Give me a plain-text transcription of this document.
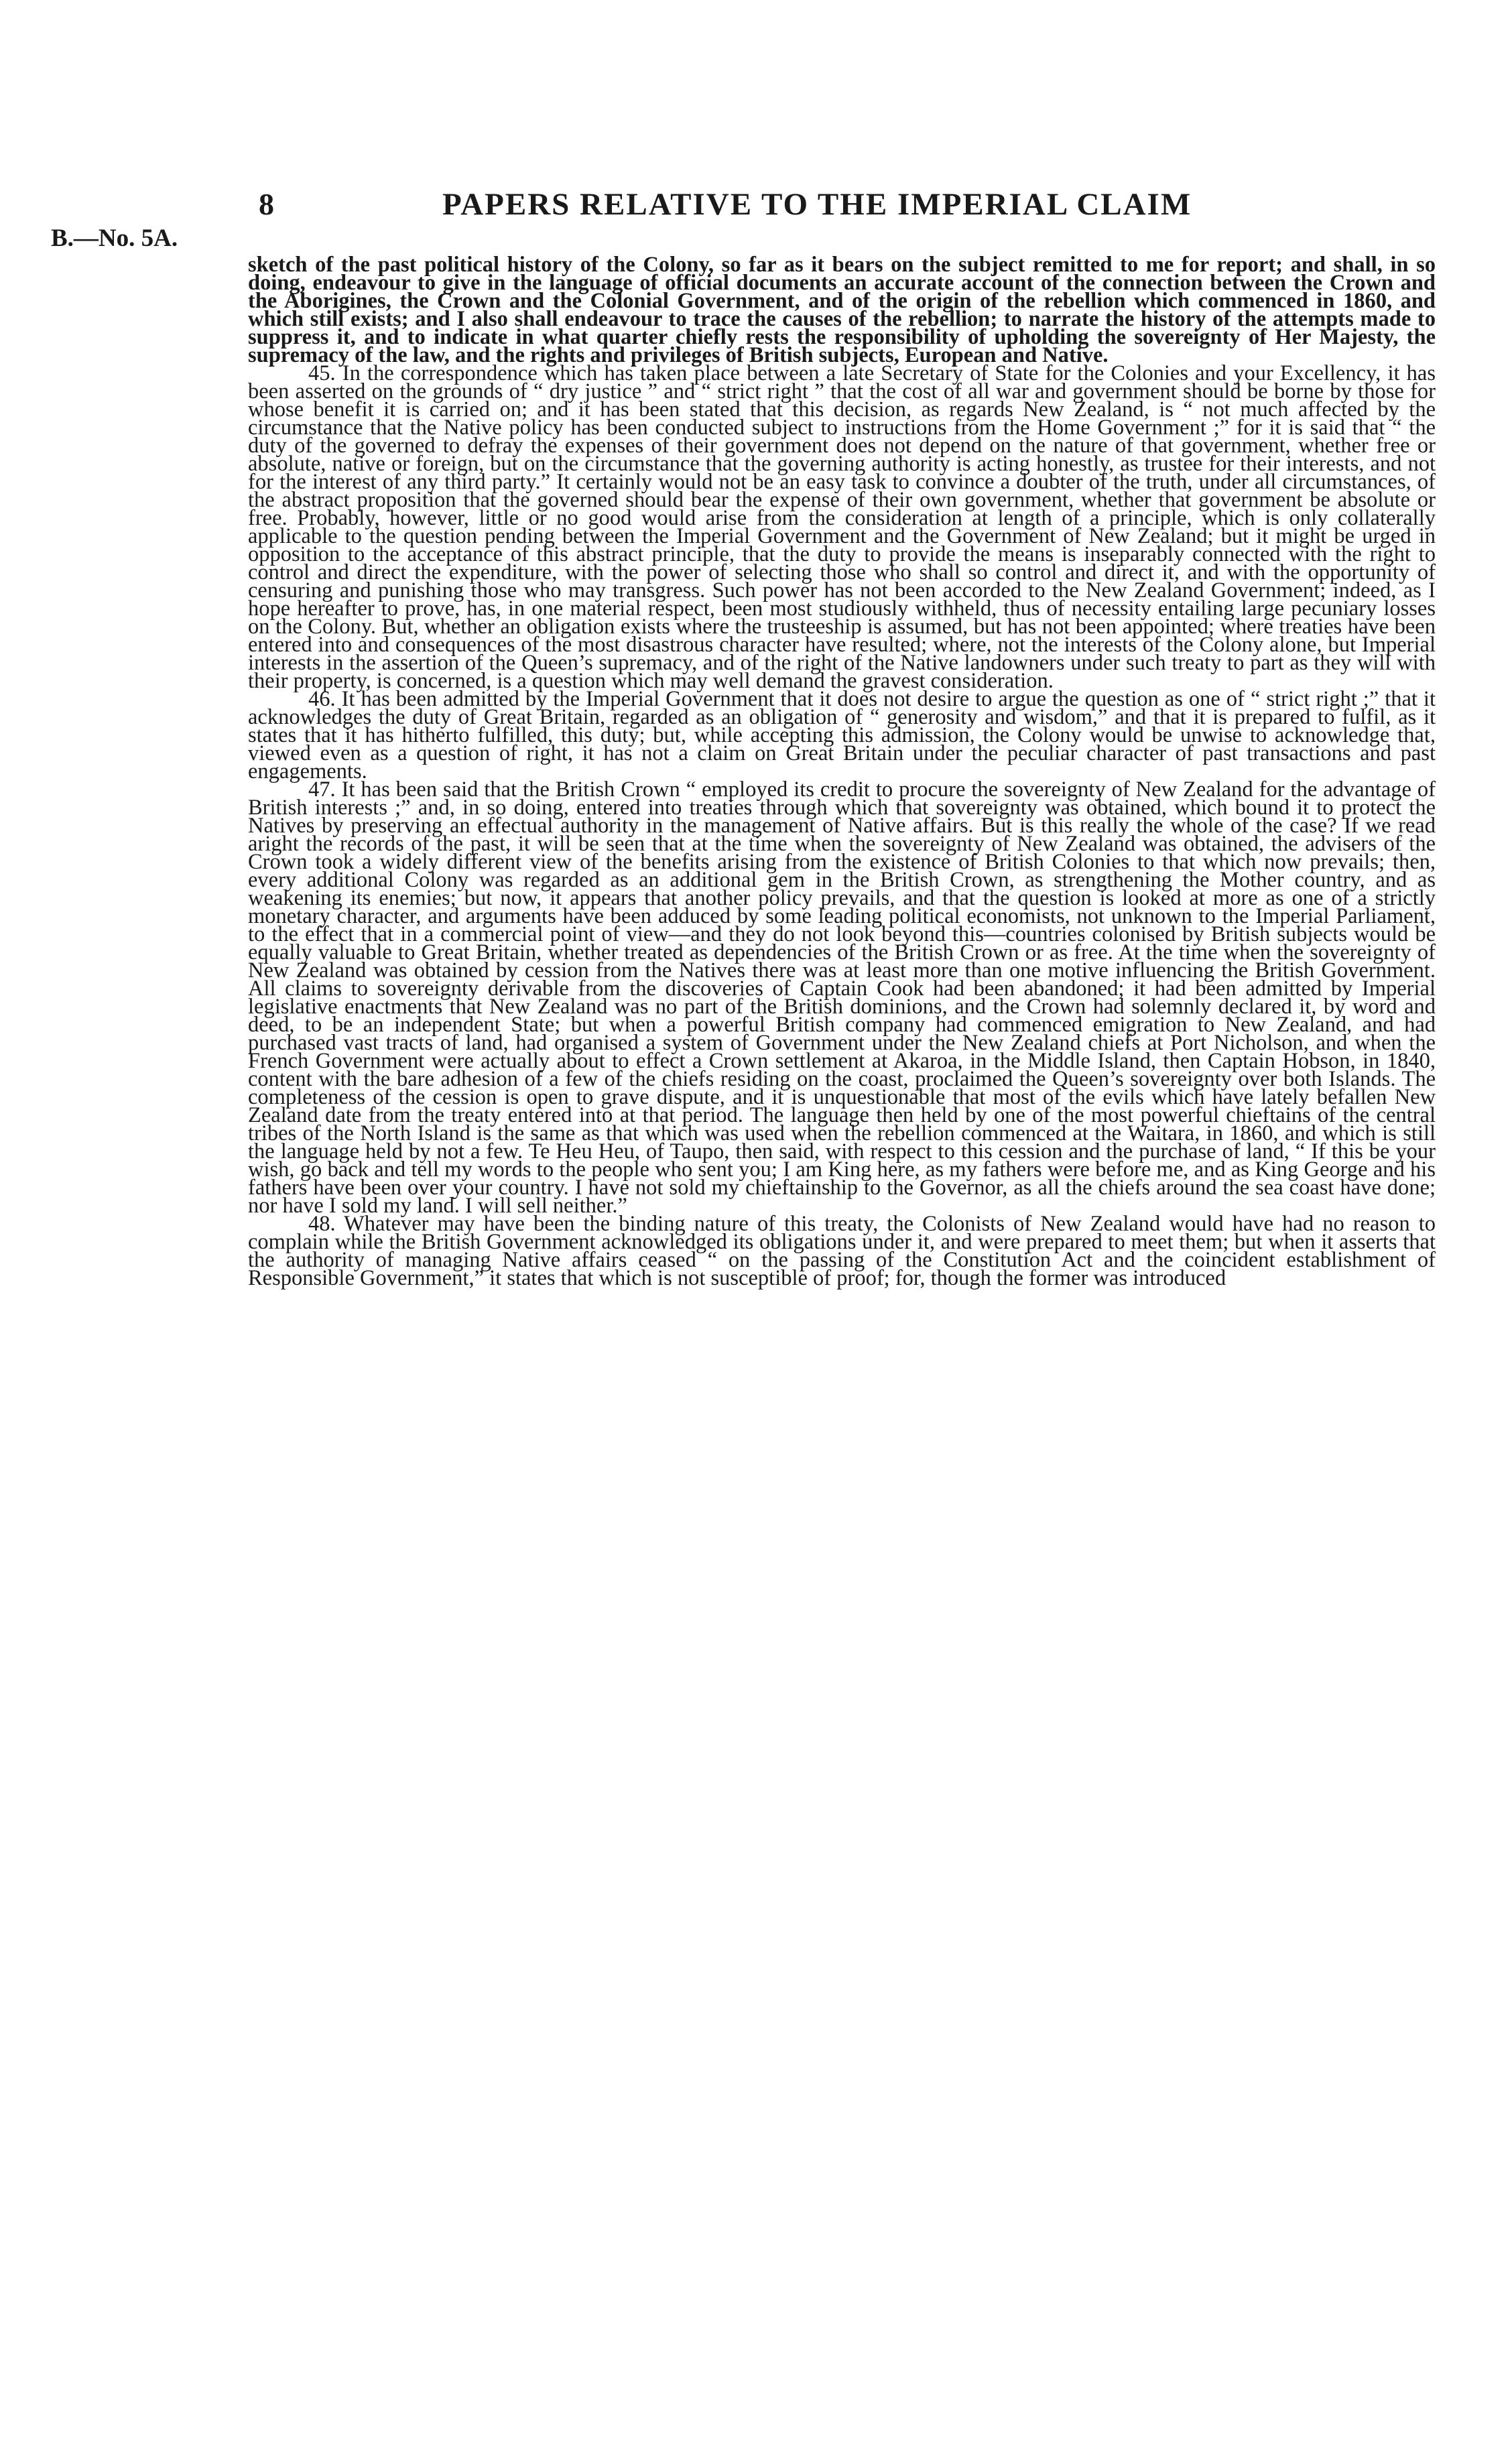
8	PAPERS RELATIVE TO THE IMPERIAL CLAIM
B.—No. 5A.

sketch of the past political history of the Colony, so far as it bears on the subject remitted to me for report; and shall, in so doing, endeavour to give in the language of official documents an accurate account of the connection between the Crown and the Aborigines, the Crown and the Colonial Government, and of the origin of the rebellion which commenced in 1860, and which still exists; and I also shall endeavour to trace the causes of the rebellion; to narrate the history of the attempts made to suppress it, and to indicate in what quarter chiefly rests the responsibility of upholding the sovereignty of Her Majesty, the supremacy of the law, and the rights and privileges of British subjects, European and Native.

45. In the correspondence which has taken place between a late Secretary of State for the Colonies and your Excellency, it has been asserted on the grounds of “ dry justice ” and “ strict right ” that the cost of all war and government should be borne by those for whose benefit it is carried on; and it has been stated that this decision, as regards New Zealand, is “ not much affected by the circumstance that the Native policy has been conducted subject to instructions from the Home Government ;” for it is said that “ the duty of the governed to defray the expenses of their government does not depend on the nature of that government, whether free or absolute, native or foreign, but on the circumstance that the governing authority is acting honestly, as trustee for their interests, and not for the interest of any third party.” It certainly would not be an easy task to convince a doubter of the truth, under all circumstances, of the abstract proposition that the governed should bear the expense of their own government, whether that government be absolute or free. Probably, however, little or no good would arise from the consideration at length of a principle, which is only collaterally applicable to the question pending between the Imperial Government and the Government of New Zealand; but it might be urged in opposition to the acceptance of this abstract principle, that the duty to provide the means is inseparably connected with the right to control and direct the expenditure, with the power of selecting those who shall so control and direct it, and with the opportunity of censuring and punishing those who may transgress. Such power has not been accorded to the New Zealand Government; indeed, as I hope hereafter to prove, has, in one material respect, been most studiously withheld, thus of necessity entailing large pecuniary losses on the Colony. But, whether an obligation exists where the trusteeship is assumed, but has not been appointed; where treaties have been entered into and consequences of the most disastrous character have resulted; where, not the interests of the Colony alone, but Imperial interests in the assertion of the Queen’s supremacy, and of the right of the Native landowners under such treaty to part as they will with their property, is concerned, is a question which may well demand the gravest consideration.

46. It has been admitted by the Imperial Government that it does not desire to argue the question as one of “ strict right ;” that it acknowledges the duty of Great Britain, regarded as an obligation of “ generosity and wisdom,” and that it is prepared to fulfil, as it states that it has hitherto fulfilled, this duty; but, while accepting this admission, the Colony would be unwise to acknowledge that, viewed even as a question of right, it has not a claim on Great Britain under the peculiar character of past transactions and past engagements.

47. It has been said that the British Crown “ employed its credit to procure the sovereignty of New Zealand for the advantage of British interests ;” and, in so doing, entered into treaties through which that sovereignty was obtained, which bound it to protect the Natives by preserving an effectual authority in the management of Native affairs. But is this really the whole of the case? If we read aright the records of the past, it will be seen that at the time when the sovereignty of New Zealand was obtained, the advisers of the Crown took a widely different view of the benefits arising from the existence of British Colonies to that which now prevails; then, every additional Colony was regarded as an additional gem in the British Crown, as strengthening the Mother country, and as weakening its enemies; but now, it appears that another policy prevails, and that the question is looked at more as one of a strictly monetary character, and arguments have been adduced by some leading political economists, not unknown to the Imperial Parliament, to the effect that in a commercial point of view—and they do not look beyond this—countries colonised by British subjects would be equally valuable to Great Britain, whether treated as dependencies of the British Crown or as free. At the time when the sovereignty of New Zealand was obtained by cession from the Natives there was at least more than one motive influencing the British Government. All claims to sovereignty derivable from the discoveries of Captain Cook had been abandoned; it had been admitted by Imperial legislative enactments that New Zealand was no part of the British dominions, and the Crown had solemnly declared it, by word and deed, to be an independent State; but when a powerful British company had commenced emigration to New Zealand, and had purchased vast tracts of land, had organised a system of Government under the New Zealand chiefs at Port Nicholson, and when the French Government were actually about to effect a Crown settlement at Akaroa, in the Middle Island, then Captain Hobson, in 1840, content with the bare adhesion of a few of the chiefs residing on the coast, proclaimed the Queen’s sovereignty over both Islands. The completeness of the cession is open to grave dispute, and it is unquestionable that most of the evils which have lately befallen New Zealand date from the treaty entered into at that period. The language then held by one of the most powerful chieftains of the central tribes of the North Island is the same as that which was used when the rebellion commenced at the Waitara, in 1860, and which is still the language held by not a few. Te Heu Heu, of Taupo, then said, with respect to this cession and the purchase of land, “ If this be your wish, go back and tell my words to the people who sent you; I am King here, as my fathers were before me, and as King George and his fathers have been over your country. I have not sold my chieftainship to the Governor, as all the chiefs around the sea coast have done; nor have I sold my land. I will sell neither.”

48. Whatever may have been the binding nature of this treaty, the Colonists of New Zealand would have had no reason to complain while the British Government acknowledged its obligations under it, and were prepared to meet them; but when it asserts that the authority of managing Native affairs ceased “ on the passing of the Constitution Act and the coincident establishment of Responsible Government,” it states that which is not susceptible of proof; for, though the former was introduced
